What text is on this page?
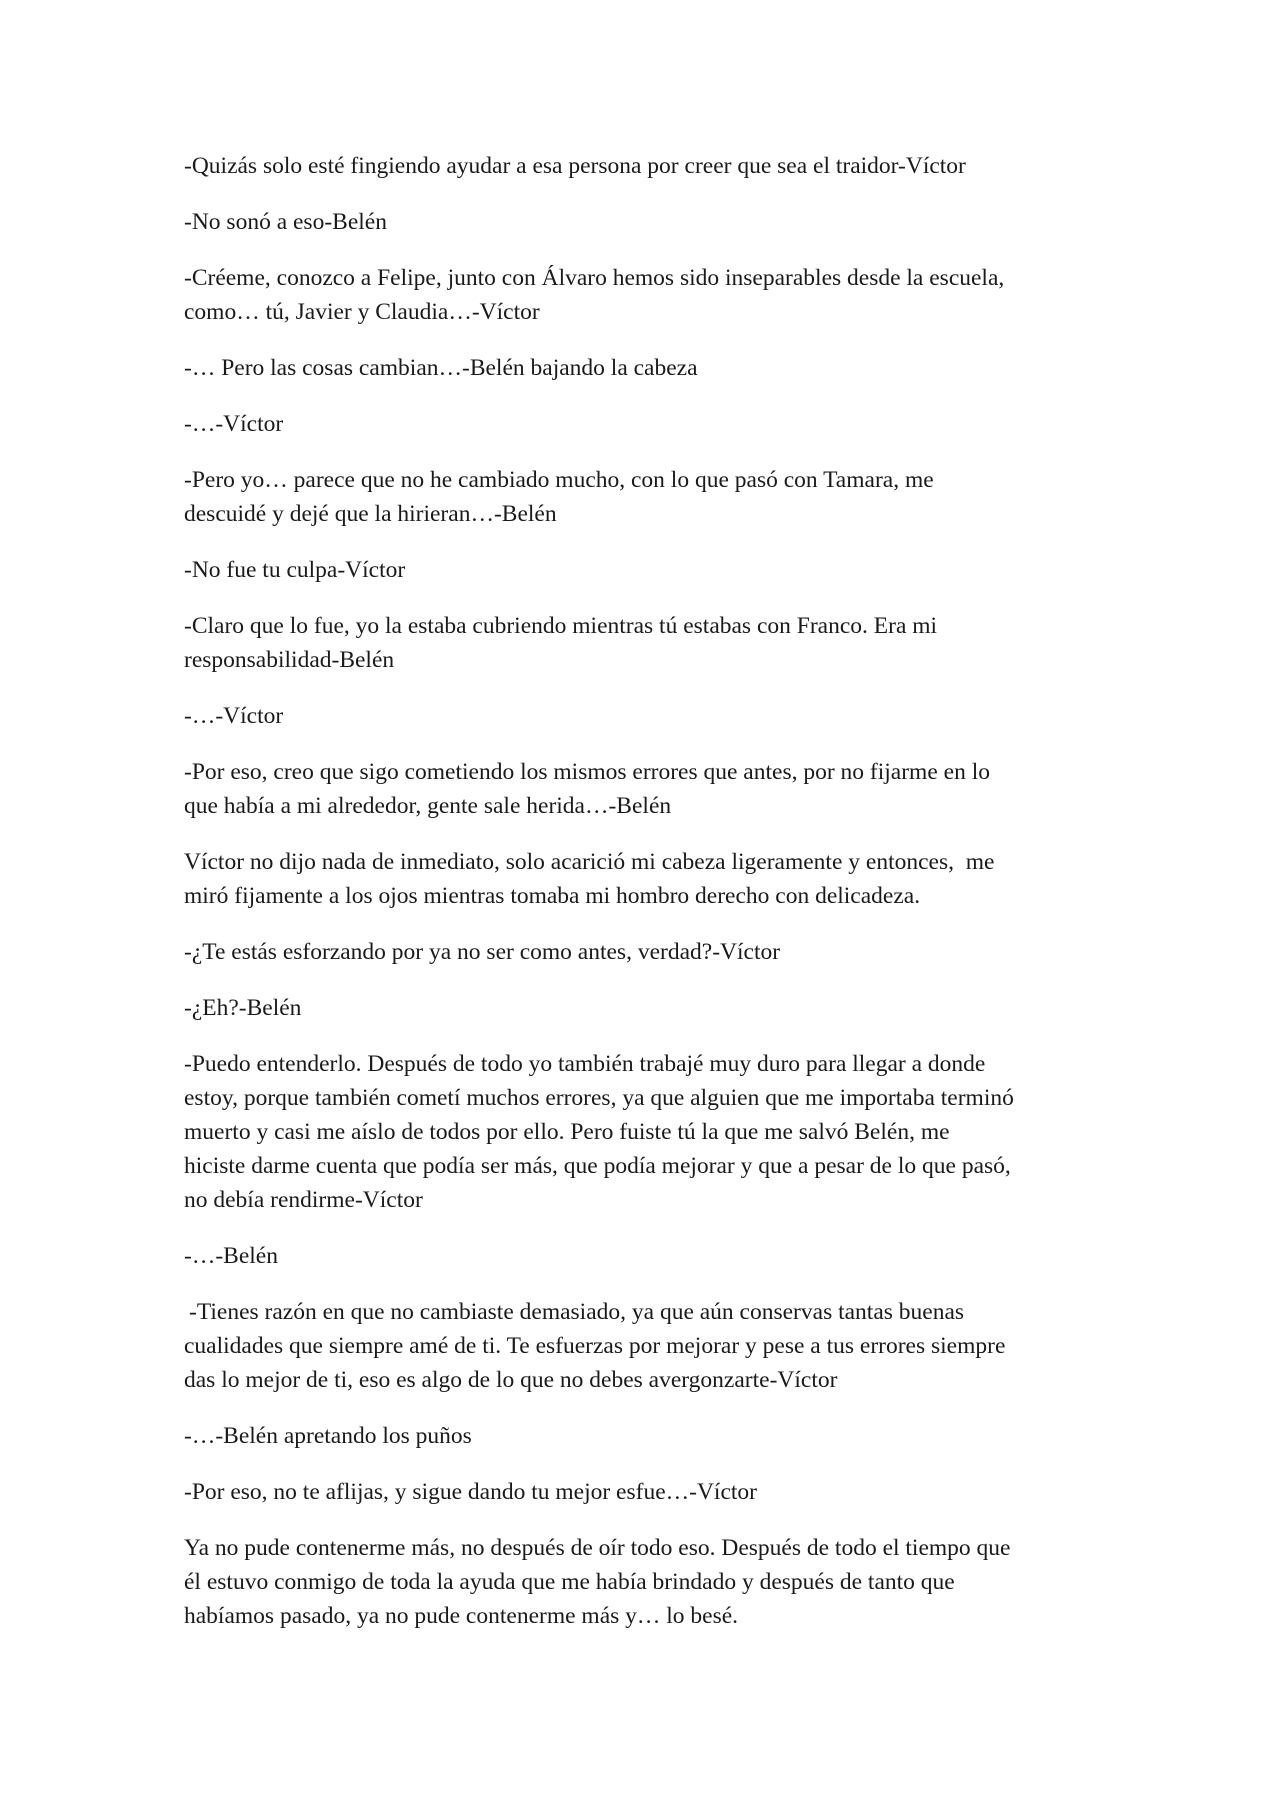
-Quizás solo esté fingiendo ayudar a esa persona por creer que sea el traidor-Víctor

-No sonó a eso-Belén

-Créeme, conozco a Felipe, junto con Álvaro hemos sido inseparables desde la escuela,
como… tú, Javier y Claudia…-Víctor

-… Pero las cosas cambian…-Belén bajando la cabeza

-…-Víctor

-Pero yo… parece que no he cambiado mucho, con lo que pasó con Tamara, me
descuidé y dejé que la hirieran…-Belén

-No fue tu culpa-Víctor

-Claro que lo fue, yo la estaba cubriendo mientras tú estabas con Franco. Era mi
responsabilidad-Belén

-…-Víctor

-Por eso, creo que sigo cometiendo los mismos errores que antes, por no fijarme en lo
que había a mi alrededor, gente sale herida…-Belén

Víctor no dijo nada de inmediato, solo acarició mi cabeza ligeramente y entonces,  me
miró fijamente a los ojos mientras tomaba mi hombro derecho con delicadeza.

-¿Te estás esforzando por ya no ser como antes, verdad?-Víctor

-¿Eh?-Belén

-Puedo entenderlo. Después de todo yo también trabajé muy duro para llegar a donde
estoy, porque también cometí muchos errores, ya que alguien que me importaba terminó
muerto y casi me aíslo de todos por ello. Pero fuiste tú la que me salvó Belén, me
hiciste darme cuenta que podía ser más, que podía mejorar y que a pesar de lo que pasó,
no debía rendirme-Víctor

-…-Belén

-Tienes razón en que no cambiaste demasiado, ya que aún conservas tantas buenas
cualidades que siempre amé de ti. Te esfuerzas por mejorar y pese a tus errores siempre
das lo mejor de ti, eso es algo de lo que no debes avergonzarte-Víctor

-…-Belén apretando los puños

-Por eso, no te aflijas, y sigue dando tu mejor esfue…-Víctor

Ya no pude contenerme más, no después de oír todo eso. Después de todo el tiempo que
él estuvo conmigo de toda la ayuda que me había brindado y después de tanto que
habíamos pasado, ya no pude contenerme más y… lo besé.
